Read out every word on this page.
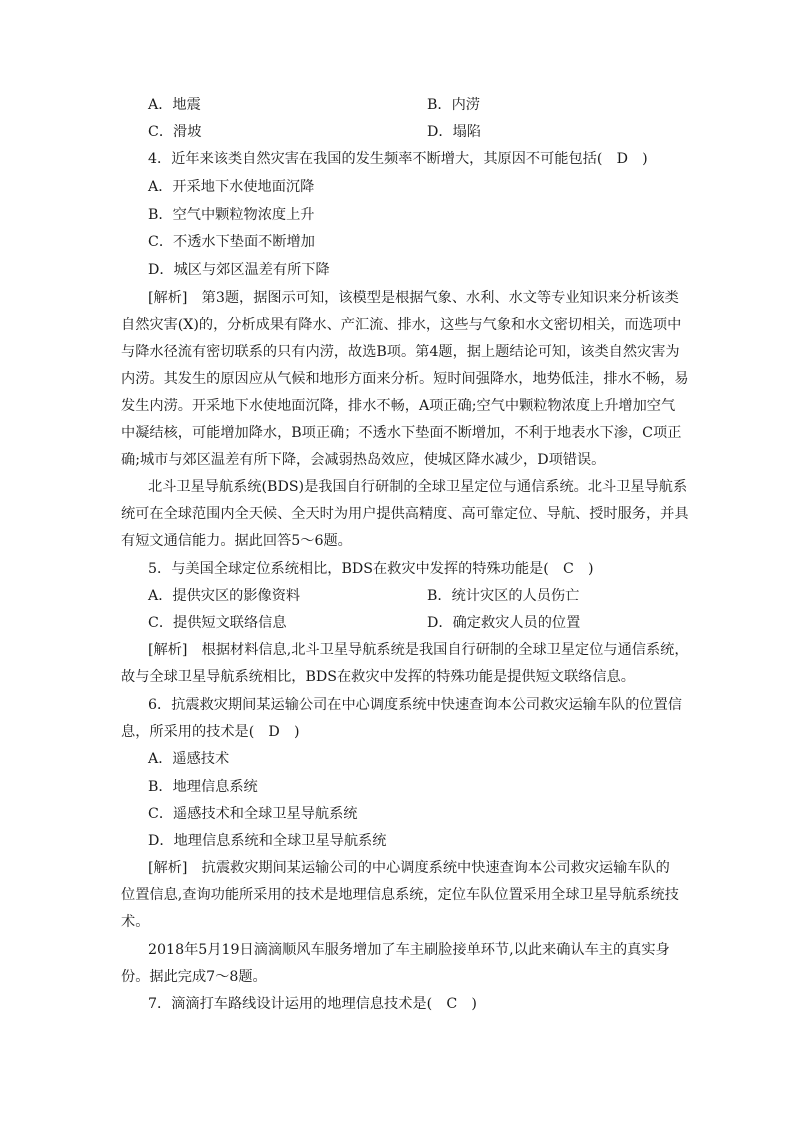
A．地震	B．内涝
C．滑坡	D．塌陷
4．近年来该类自然灾害在我国的发生频率不断增大，其原因不可能包括(　D　)
A．开采地下水使地面沉降
B．空气中颗粒物浓度上升
C．不透水下垫面不断增加
D．城区与郊区温差有所下降
[解析]　第3题，据图示可知，该模型是根据气象、水利、水文等专业知识来分析该类
自然灾害(X)的，分析成果有降水、产汇流、排水，这些与气象和水文密切相关，而选项中
与降水径流有密切联系的只有内涝，故选B项。第4题，据上题结论可知，该类自然灾害为
内涝。其发生的原因应从气候和地形方面来分析。短时间强降水，地势低洼，排水不畅，易
发生内涝。开采地下水使地面沉降，排水不畅，A项正确;空气中颗粒物浓度上升增加空气
中凝结核，可能增加降水，B项正确；不透水下垫面不断增加，不利于地表水下渗，C项正
确;城市与郊区温差有所下降，会减弱热岛效应，使城区降水减少，D项错误。
北斗卫星导航系统(BDS)是我国自行研制的全球卫星定位与通信系统。北斗卫星导航系
统可在全球范围内全天候、全天时为用户提供高精度、高可靠定位、导航、授时服务，并具
有短文通信能力。据此回答5～6题。
5．与美国全球定位系统相比，BDS在救灾中发挥的特殊功能是(　C　)
A．提供灾区的影像资料	B．统计灾区的人员伤亡
C．提供短文联络信息	D．确定救灾人员的位置
[解析]　根据材料信息,北斗卫星导航系统是我国自行研制的全球卫星定位与通信系统，
故与全球卫星导航系统相比，BDS在救灾中发挥的特殊功能是提供短文联络信息。
6．抗震救灾期间某运输公司在中心调度系统中快速查询本公司救灾运输车队的位置信
息，所采用的技术是(　D　)
A．遥感技术
B．地理信息系统
C．遥感技术和全球卫星导航系统
D．地理信息系统和全球卫星导航系统
[解析]　抗震救灾期间某运输公司的中心调度系统中快速查询本公司救灾运输车队的
位置信息,查询功能所采用的技术是地理信息系统，定位车队位置采用全球卫星导航系统技
术。
2018年5月19日滴滴顺风车服务增加了车主刷脸接单环节,以此来确认车主的真实身
份。据此完成7～8题。
7．滴滴打车路线设计运用的地理信息技术是(　C　)
